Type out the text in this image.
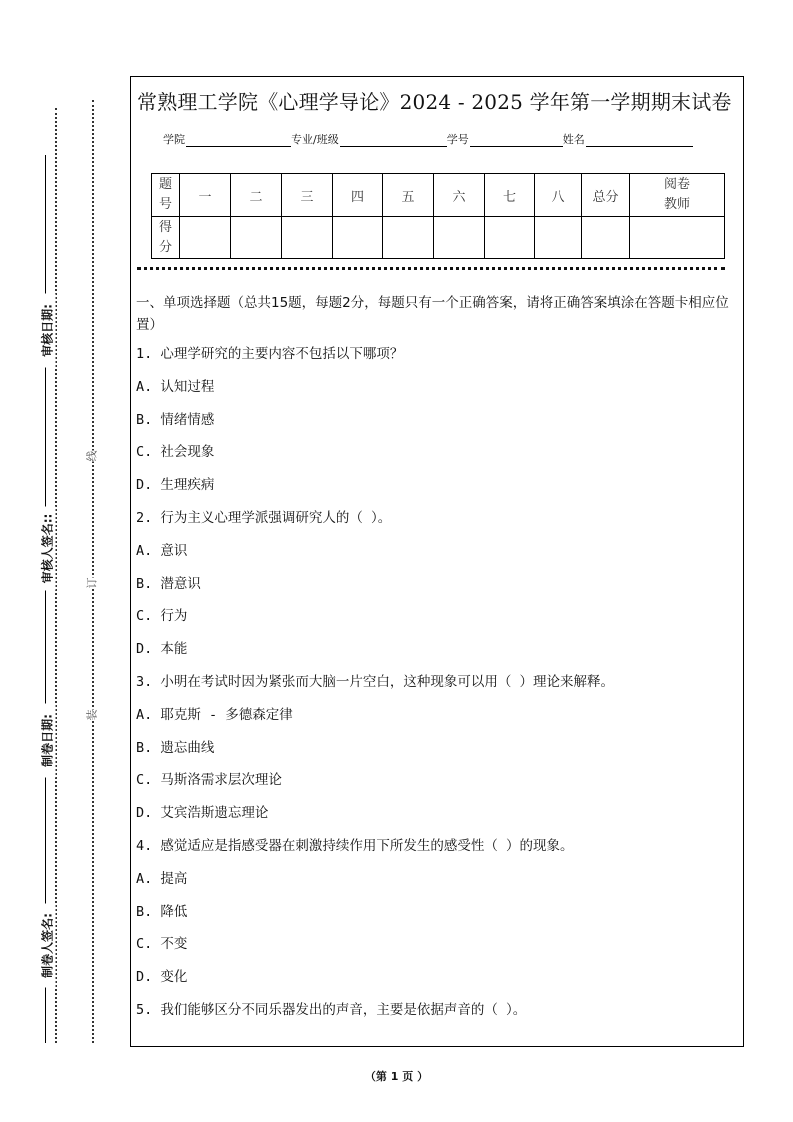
审核日期:
审核人签名::
制卷日期:
制卷人签名:
线
订
装
常熟理工学院《心理学导论》2024 - 2025 学年第一学期期末试卷
学院	专业/班级	学号	姓名
题号	一	二	三	四	五	六	七	八	总分	阅卷教师
得分										
一、单项选择题（总共15题，每题2分，每题只有一个正确答案，请将正确答案填涂在答题卡相应位置）
1. 心理学研究的主要内容不包括以下哪项？
A. 认知过程
B. 情绪情感
C. 社会现象
D. 生理疾病
2. 行为主义心理学派强调研究人的（ ）。
A. 意识
B. 潜意识
C. 行为
D. 本能
3. 小明在考试时因为紧张而大脑一片空白，这种现象可以用（ ）理论来解释。
A. 耶克斯 - 多德森定律
B. 遗忘曲线
C. 马斯洛需求层次理论
D. 艾宾浩斯遗忘理论
4. 感觉适应是指感受器在刺激持续作用下所发生的感受性（ ）的现象。
A. 提高
B. 降低
C. 不变
D. 变化
5. 我们能够区分不同乐器发出的声音，主要是依据声音的（ ）。
（第 1 页 ）
